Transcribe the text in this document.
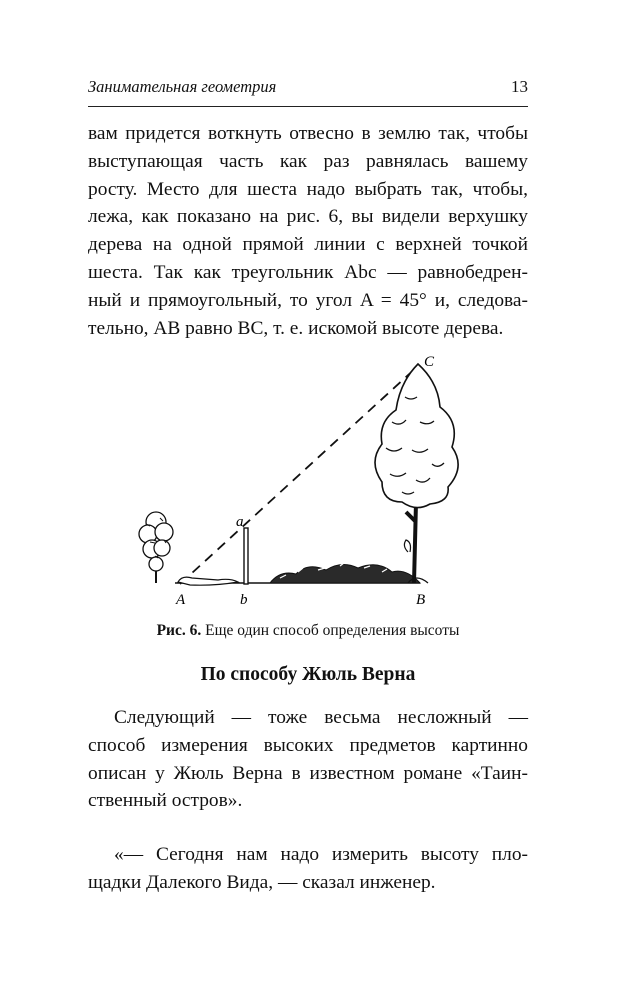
Занимательная геометрия	13
вам придется воткнуть отвесно в землю так, чтобы
выступающая часть как раз равнялась вашему
росту. Место для шеста надо выбрать так, чтобы,
лежа, как показано на рис. 6, вы видели верхушку
дерева на одной прямой линии с верхней точкой
шеста. Так как треугольник Abc — равнобедрен-
ный и прямоугольный, то угол A = 45° и, следова-
тельно, AB равно BC, т. е. искомой высоте дерева.
A	b	B
C
a
Рис. 6. Еще один способ определения высоты
По способу Жюль Верна
Следующий — тоже весьма несложный —
способ измерения высоких предметов картинно
описан у Жюль Верна в известном романе «Таин-
ственный остров».
«— Сегодня нам надо измерить высоту пло-
щадки Далекого Вида, — сказал инженер.
